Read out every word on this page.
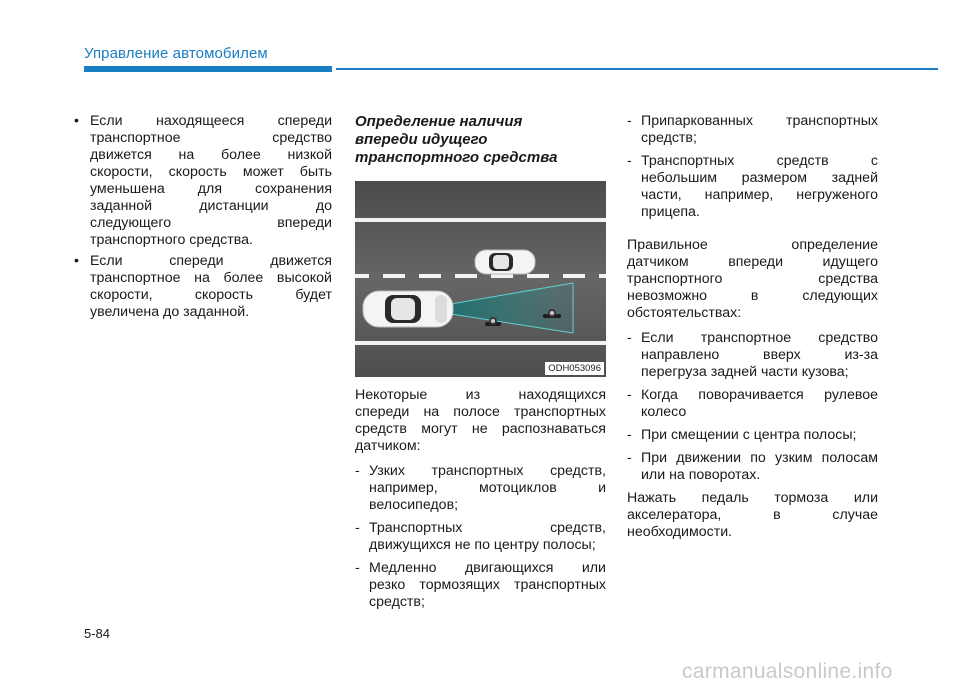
Управление автомобилем
• Если находящееся спереди
транспортное средство
движется на более низкой
скорости, скорость может быть
уменьшена для сохранения
заданной дистанции до
следующего впереди
транспортного средства.
• Если спереди движется
транспортное на более высокой
скорости, скорость будет
увеличена до заданной.
Определение наличия
впереди идущего
транспортного средства
ODH053096
Некоторые из находящихся
спереди на полосе транспортных
средств могут не распознаваться
датчиком:
- Узких транспортных средств,
например, мотоциклов и
велосипедов;
- Транспортных средств,
движущихся не по центру полосы;
- Медленно двигающихся или
резко тормозящих транспортных
средств;
- Припаркованных транспортных
средств;
- Транспортных средств с
небольшим размером задней
части, например, негруженого
прицепа.
Правильное определение
датчиком впереди идущего
транспортного средства
невозможно в следующих
обстоятельствах:
- Если транспортное средство
направлено вверх из-за
перегруза задней части кузова;
- Когда поворачивается рулевое
колесо
- При смещении с центра полосы;
- При движении по узким полосам
или на поворотах.
Нажать педаль тормоза или
акселератора, в случае
необходимости.
5-84
carmanualsonline.info
